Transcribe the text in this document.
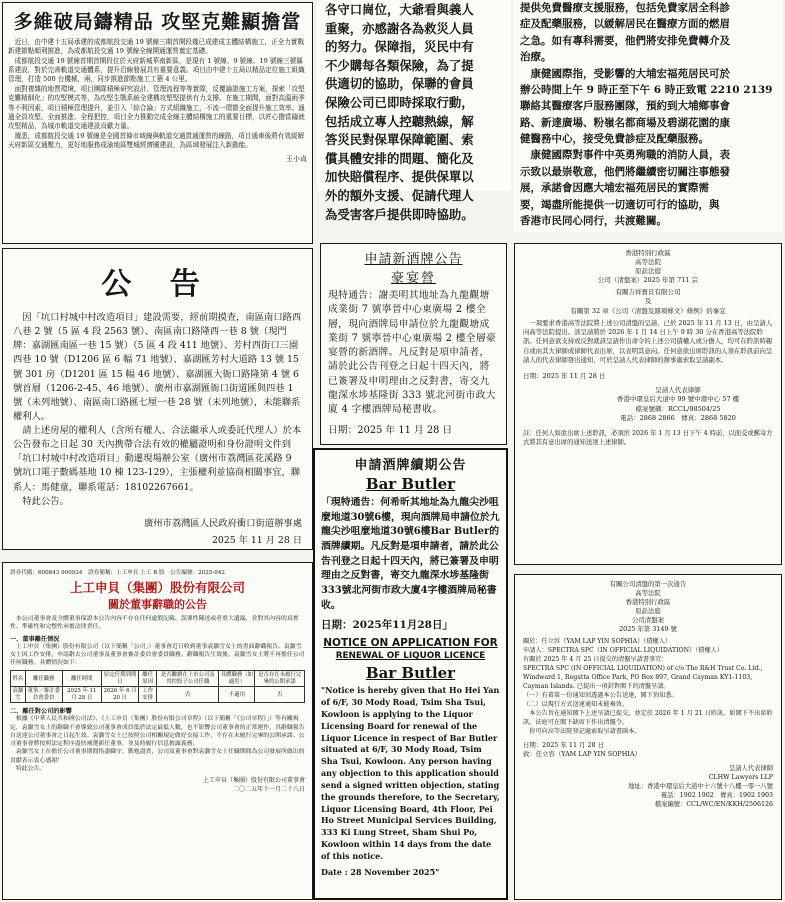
多維破局鑄精品 攻堅克難顯擔當
　近日，由中建十五局承建的成都航投交通 19 號線三期首開段幾已成建成主體結構施工，正全力實戰新建節點順利推進，為成都航投交通 19 號線全線開通運營奠定基礎。
　成都航投交通 19 號線首期首開段位於天府新城華南新區，是現有 1 號線、9 號線、19 號線三號縣系建設，對於完善軌道交通體系，提升沿線發展具有重要意義。項目由中建十五局以精品定位施工組織管理，打造 500 台機械，兩，同步推進節點施工工藝 4 公里。
　面對複雜的地質環境，項目團隊積極研究設計、管理流程等等實際，反覆論證施工方案，探索「攻堅克難精細化」的攻堅模式等，為攻堅生戰系統全建構攻堅堅提供有力支撐。在施工期間，面對高溫雨季等不利因素，項目積極管理提升，並引入「綜合論」方式組織施工，不流一環節全面提升施工效率。通過全員攻堅、全面推進、全程把控，項目全力推動完成全線主體結構施工的重要目標，以匠心擔當鑄就攻堅精品，為城市軌道交通建設貢獻力量。
　據悉，成都航投交通 19 號線是全國首條市域線與軌道交通貫通運營的線路，項目通車後將有效緩解天府新區交通壓力，更好地服務成渝地區雙城經濟圈建設，為區域發展注入新動能。
王小貞
各守口崗位，大爺看與義人
重聚，亦感謝各為救災人員
的努力。保障指，災民中有
不少購每各類保險，為了提
供適切的協助，保聯的會員
保險公司已即時採取行動，
包括成立專人控聽熱線，解
答災民對保單保障範圍、索
償具體安排的問題、簡化及
加快賠償程序、提供保單以
外的額外支援、促請代理人
為受害客戶提供即時協助。
提供免費醫療支援服務，包括免費家居全科診
症及配藥服務，以緩解居民在醫療方面的燃眉
之急。如有專科需要，他們將安排免費轉介及
治療。
　康健國際指，受影響的大埔宏福苑居民可於
辦公時間上午 9 時正至下午 6 時正致電 2210 2139
聯絡其醫療客戶服務團隊，預約到大埔鄉事會
路、新達廣場、粉嶺名都商場及碧湖花園的康
健醫務中心，接受免費診症及配藥服務。
　康健國際對事件中英勇殉職的消防人員，表
示致以最崇敬意，他們將繼續密切關注事態發
展，承諾會因應大埔宏福苑居民的實際需
要，竭盡所能提供一切適切可行的協助，與
香港市民同心同行，共渡難關。
公 告
　因「坑口村城中村改造項目」建設需要，經前期摸查，南區南口路西八巷 2 號（5 區 4 段 2563 號）、南區南口路隆西一巷 8 號（現門牌：嘉湖匯南區一巷 15 號）（5 區 4 段 411 地號）、芳村西街口三園西巷 10 號（D1206 區 6 幅 71 地號）、嘉湖匯芳村大道路 13 號 15 號 301 房（D1201 區 15 幅 46 地號）、嘉湖匯大衙口路隆第 4 號 6 號首層（1206-2-45、46 地號）、廣州市嘉湖匯衙口街道匯與四巷 1 號（未列地號）、南區南口路匯七厘一巷 28 號（未列地號），未能聯系權利人。
　請上述房屋的權利人（含所有權人、合法繼承人或委託代理人）於本公告發布之日起 30 天內携帶合法有效的權屬證明和身份證明文件到「坑口村城中村改造項目」動遷現場辦公室（廣州市荔灣區花溪路 9 號坑口電子數碼基地 10 棟 123-129），主張權利並協商相關事宜，聯系人：馬健童，聯系電話：18102267661。
　特此公告。
廣州市荔灣區人民政府衝口街道辦事處
2025 年 11 月 28 日
證券代碼：600843 900924　證券簡稱：上工申貝 上工 B 股　公告編號：2025-042
上工申貝（集團）股份有限公司
關於董事辭職的公告
　本公司董事會及全體董事保證本公告內容不存在任何虛假記載、誤導性陳述或者重大遺漏，並對其內容的真實性、準確性和完整性承擔法律責任。
一、董事離任情況
　上工申貝（集團）股份有限公司（以下簡稱「公司」）董事會近日收到董事袁灝雪女士的書面辭職報告。袁灝雪女士因工作安排，申請辭去公司董事及董事會審計委員會委員職務。辭職報告生效後，袁灝雪女士將不再擔任公司任何職務。具體情況如下：
姓名	離任職務	離任時間	原定任期到期日	離任原因	是否繼續在上市公司及其控股子公司任職	具體職務（如適用）	是否存在未履行完畢的公開承諾
袁灝雪	董事／審計委員會委員	2025 年 11 月 28 日	2026 年 6 月 20 日	工作安排	否	不適用	否
二、離任對公司的影響
　根據《中華人民共和國公司法》、《上工申貝（集團）股份有限公司章程》（以下簡稱「《公司章程》」）等有關規定，袁灝雪女士的辭職不會導致公司董事會成員低於法定最低人數，也不影響公司董事會的正常運作，其辭職報告自送達公司董事會之日起生效。袁灝雪女士已按照公司相關規定做好交接工作，不存在未履行完畢的公開承諾。公司董事會將按照法定程序盡快補選新任董事，並及時履行信息披露義務。
　袁灝雪女士在擔任公司董事期間恪盡職守、勤勉盡責，公司及董事會對袁灝雪女士任職期間為公司發展所做出的貢獻表示衷心感謝！
　特此公告。
上工申貝（集團）股份有限公司董事會
二〇二五年十一月二十八日
申請新酒牌公告
豪宴營
現特通告：謝美明其地址為九龍觀塘成業街 7 號寧晉中心東廣場 2 樓全層，現向酒牌局申請位於九龍觀塘成業街 7 號寧晉中心東廣場 2 樓全層豪宴營的新酒牌。凡反對是項申請者，請於此公告刊登之日起十四天內，將已簽署及申明理由之反對書，寄交九龍深水埗基隆街 333 號北河街市政大廈 4 字樓酒牌局秘書收。
日期：2025 年 11 月 28 日
申請酒牌續期公告
Bar Butler
「現特通告：何希昕其地址為九龍尖沙咀麼地道30號6樓，現向酒牌局申請位於九龍尖沙咀麼地道30號6樓Bar Butler的酒牌續期。凡反對是項申請者，請於此公告刊登之日起十四天內，將已簽署及申明理由之反對書，寄交九龍深水埗基隆街333號北河街市政大廈4字樓酒牌局秘書收。
日期：2025年11月28日」
NOTICE ON APPLICATION FOR
RENEWAL OF LIQUOR LICENCE
Bar Butler
"Notice is hereby given that Ho Hei Yan of 6/F, 30 Mody Road, Tsim Sha Tsui, Kowloon is applying to the Liquor Licensing Board for renewal of the Liquor Licence in respect of Bar Butler situated at 6/F, 30 Mody Road, Tsim Sha Tsui, Kowloon. Any person having any objection to this application should send a signed written objection, stating the grounds therefore, to the Secretary, Liquor Licensing Board, 4th Floor, Pei Ho Street Municipal Services Building, 333 Ki Lung Street, Sham Shui Po, Kowloon within 14 days from the date of this notice.
Date : 28 November 2025"
香港特別行政區
高等法院
原訟法庭
公司（清盤案）2025 年第 711 宗
有關吉祥寶貝有限公司
及
有關第 32 章《公司（清盤及雜項條文）條例》的事宜
　一項要求香港高等法院將上述公司清盤的呈請，已於 2025 年 11 月 13 日，由呈請人向高等法院提出。該呈請將於 2026 年 1 月 14 日上午 9 時 30 分在香港高等法院聆訊。任何意欲支持或反對就該呈請作出命令的上述公司債權人或分擔人，均可在聆訊時親自或由其大律師或律師代表出席，以表明其意向。任何意欲出席聆訊的人須在聆訊前向呈請人的代表律師發出通知，可於呈請人代表律師的辦事處索取呈請副本。
日期：2025 年 11 月 28 日
呈請人代表律師
香港中環皇后大道中 99 號中環中心 57 樓
檔案號碼：RCCL/98504/25
電話：2868 2866　傳真：2868 5820
註：任何人如欲出席上述聆訊，必須於 2026 年 1 月 13 日下午 4 時前，以面交或郵寄方式將其有意出席的通知送達上述律師。
有關公司清盤的第一次通告
高等法院
香港特別行政區
原訟法庭
公司清盤案
2025 年第 3149 號
關於：任立容（YAM LAP YIN SOPHIA）（債權人）
申請人：SPECTRA SPC（IN OFFICIAL LIQUIDATION）（債權人）
有關於 2025 年 4 月 25 日提交的清盤呈請書事宜：
SPECTRA SPC (IN OFFICIAL LIQUIDATION) of c/o The R&H Trust Co. Ltd., Windward 1, Regatta Office Park, PO Box 897, Grand Cayman KY1-1103, Cayman Islands. 已提出一項針對閣下的清盤呈請。
（一）有着第一份通知須透過本公告送達，閣下須知悉。
（二）以現行方式送達通知未能奏效。
　本公告旨在通知閣下上述呈請已提交，並定於 2026 年 1 月 21 日聆訊。如閣下不出席聆訊，法庭可在閣下缺席下作出清盤令。
　你可向高等法院登記處索取呈請書副本。
日期：2025 年 11 月 28 日
致：任立容（YAM LAP YIN SOPHIA）
呈請人代表律師
CLHW Lawyers LLP
地址：香港中環皇后大道中十六號十八樓一零一八號
電話：1902 1902　傳真：1902 1903
檔案編號：CCL/WC/EN/KKH/2506126
